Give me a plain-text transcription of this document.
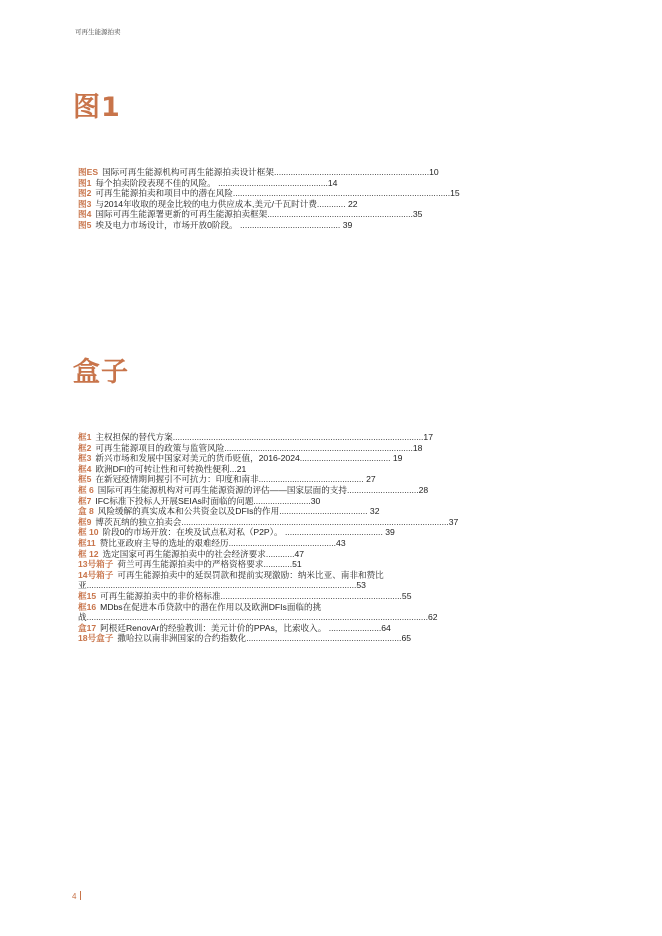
可再生能源拍卖
图1
图ES 国际可再生能源机构可再生能源拍卖设计框架.................................................................10
图1 每个拍卖阶段表现不佳的风险。 ..............................................14
图2 可再生能源拍卖和项目中的潜在风险...........................................................................................15
图3 与2014年收取的现金比较的电力供应成本,美元/千瓦时计费............ 22
图4 国际可再生能源署更新的可再生能源拍卖框架.............................................................35
图5 埃及电力市场设计，市场开放0阶段。 .......................................... 39
盒子
框1 主权担保的替代方案.........................................................................................................17
框2 可再生能源项目的政策与监管风险...............................................................................18
框3 新兴市场和发展中国家对美元的货币贬值，2016-2024...................................... 19
框4 欧洲DFI的可转让性和可转换性便利...21
框5 在新冠疫情期间握引不可抗力：印度和南非............................................ 27
框 6 国际可再生能源机构对可再生能源资源的评估——国家层面的支持..............................28
框7 IFC标准下投标人开展SEIAs时面临的问题........................30
盒 8 风险缓解的真实成本和公共资金以及DFIs的作用..................................... 32
框9 博茨瓦纳的独立拍卖会................................................................................................................37
框 10 阶段0的市场开放：在埃及试点私对私（P2P）。 ......................................... 39
框11 赞比亚政府主导的选址的艰难经历.............................................43
框 12 选定国家可再生能源拍卖中的社会经济要求............47
13号箱子 荷兰可再生能源拍卖中的严格资格要求............51
14号箱子 可再生能源拍卖中的延误罚款和提前实现激励：纳米比亚、南非和赞比亚.................................................................................................................53
框15 可再生能源拍卖中的非价格标准............................................................................55
框16 MDbs在促进本币贷款中的潜在作用以及欧洲DFIs面临的挑战...............................................................................................................................................62
盒17 阿根廷RenovAr的经验教训：美元计价的PPAs，比索收入。 ......................64
18号盒子 撒哈拉以南非洲国家的合约指数化.................................................................65
4
